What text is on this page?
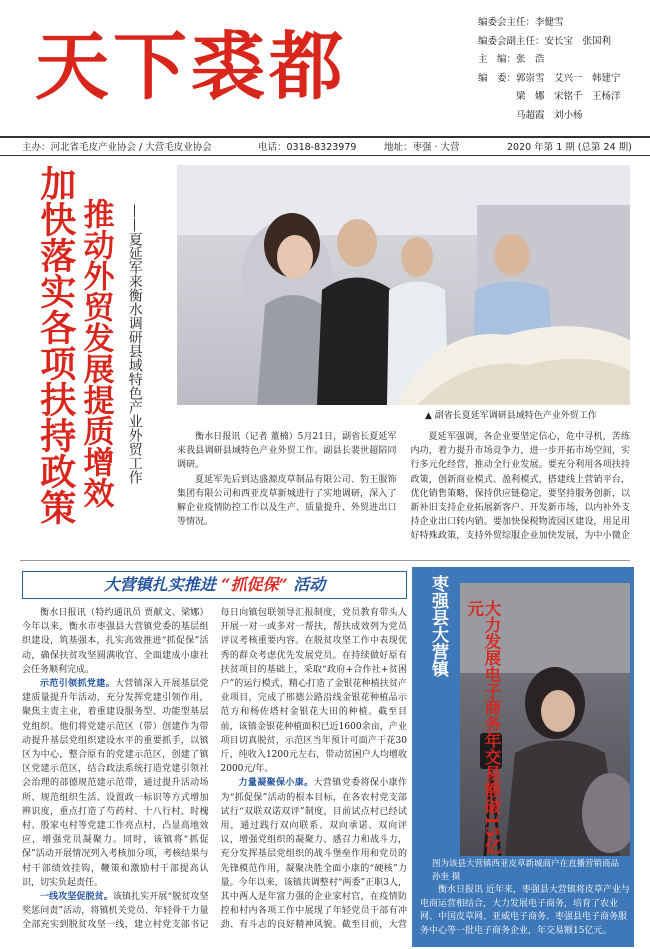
天下裘都
编委会主任：李健雪
编委会副主任：安长宝　张国利
主　编：张　浩
编　委：郭崇雪　艾兴一　韩建宁
　　　　梁　娜　宋铭千　王杨洋
　　　　马超霞　刘小杨
主办：河北省毛皮产业协会 / 大营毛皮业协会	电话：0318-8323979	地址：枣强 · 大营	2020 年第 1 期 (总第 24 期)
加快落实各项扶持政策 推动外贸发展提质增效 ——夏延军来衡水调研县域特色产业外贸工作	▲ 副省长夏延军调研县域特色产业外贸工作

衡水日报讯（记者 董楠）5月21日，副省长夏延军来我县调研县域特色产业外贸工作。副县长裴世超陪同调研。

夏延军先后到达盛源皮草制品有限公司、豹王服饰集团有限公司和西亚皮草新城进行了实地调研，深入了解企业疫情防控工作以及生产、质量提升、外贸进出口等情况。

夏延军强调，各企业要坚定信心，危中寻机，苦练内功，着力提升市场竞争力，进一步开拓市场空间，实行多元化经营，推动全行业发展。要充分利用各项扶持政策，创新商业模式、盈利模式，搭建线上营销平台，优化销售策略，保持供应链稳定，要坚持服务创新，以新补旧支持企业拓展新客户、开发新市场，以内补外支持企业出口转内销。要加快保税物流园区建设，用足用好特殊政策，支持外贸综服企业加快发展，为中小微企

大营镇扎实推进 “抓促保” 活动

衡水日报讯（特约通讯员 贾献文、梁娜）今年以来，衡水市枣强县大营镇党委的基层组织建设，筑基强本，扎实高效推进“抓促保”活动，确保扶贫攻坚圆满收官、全面建成小康社会任务顺利完成。

示范引领抓党建。大营镇深入开展基层党建质量提升年活动，充分发挥党建引领作用，聚焦主责主业，着重建设服务型、功能型基层党组织。他们将党建示范区（带）创建作为带动提升基层党组织建设水平的重要抓手，以镇区为中心，整合原有的党建示范区，创建了镇区党建示范区，结合政法系统打造党建引领社会治理的部德规范建示范带，通过提升活动场所、规范组织生活、设置政一标识等方式增加辨识度，重点打造了芍药村、十八行村、时槐村、殷家屯村等党建工作亮点村，凸显高地效应，增强党员凝聚力。同时，该镇将“抓促保”活动开展情况列入考核加分项，考核结果与村干部绩效挂钩，鞭策和激励村干部提高认识，切实负起责任。

一线攻坚促脱贫。该镇扎实开展“脱贫攻坚奖惩问责”活动，将镇机关党员、年轻骨干力量全部充实到脱贫攻坚一线，建立村党支部书记每日向镇包联领导汇报制度，党员教育带头人开展一对一或多对一帮扶，帮扶成效列为党员评议考核重要内容。在脱贫攻坚工作中表现优秀的群众考虑优先发展党员。在持续做好原有扶贫项目的基础上，采取“政府+合作社+贫困户”的运行模式，精心打造了金银花种植扶贫产业项目，完成了邢德公路沿线金银花种植品示范方和杨佐塔村金银花大田的种植。截至目前，该镇金银花种植面积已近1600余亩，产业项目切真脱贫，示范区当年预计可面产干花30斤，纯收入1200元左右，带动贫困户人均增收2000元/年。

力量凝聚保小康。大营镇党委将保小康作为“抓促保”活动的根本目标，在各农村党支部试行“双联双诺双评”制度，目前试点村已经试用，通过践行双向联系、双向承诺、双向评议，增强党组织的凝聚力、感召力和战斗力，充分发挥基层党组织的战斗堡垒作用和党员的先锋模范作用，凝聚决胜全面小康的“硬核”力量。今年以来，该镇共调整村“两委”正职3人，其中两人是年富力强的企业家村官，在疫情防控和村内各项工作中展现了年轻党员干部有冲劲、有斗志的良好精神风貌。截至目前，大营

枣强县大营镇	大力发展电子商务年交易额破15亿元
图为该县大营镇西亚皮草新城商户在直播营销商品 孙奎 摄
衡水日报讯 近年来，枣强县大营镇将皮草产业与电商运营相结合，大力发展电子商务，培育了农业网、中国皮草网、亚威电子商务、枣强县电子商务服务中心等一批电子商务企业，年交易额15亿元。
